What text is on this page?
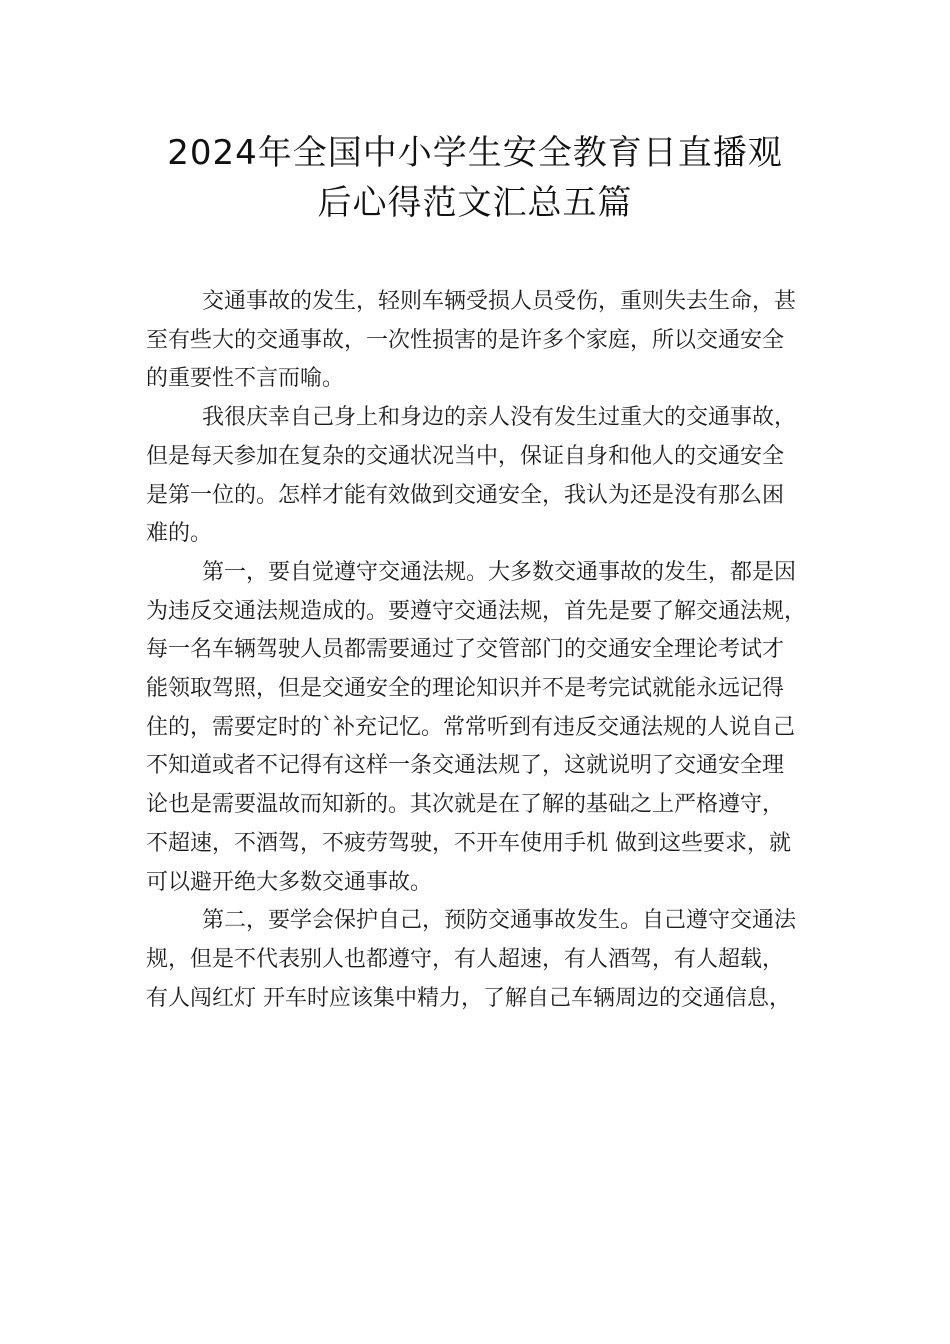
2024年全国中小学生安全教育日直播观
后心得范文汇总五篇

交通事故的发生，轻则车辆受损人员受伤，重则失去生命，甚
至有些大的交通事故，一次性损害的是许多个家庭，所以交通安全
的重要性不言而喻。

我很庆幸自己身上和身边的亲人没有发生过重大的交通事故，
但是每天参加在复杂的交通状况当中，保证自身和他人的交通安全
是第一位的。怎样才能有效做到交通安全，我认为还是没有那么困
难的。

第一，要自觉遵守交通法规。大多数交通事故的发生，都是因
为违反交通法规造成的。要遵守交通法规，首先是要了解交通法规，
每一名车辆驾驶人员都需要通过了交管部门的交通安全理论考试才
能领取驾照，但是交通安全的理论知识并不是考完试就能永远记得
住的，需要定时的`补充记忆。常常听到有违反交通法规的人说自己
不知道或者不记得有这样一条交通法规了，这就说明了交通安全理
论也是需要温故而知新的。其次就是在了解的基础之上严格遵守，
不超速，不酒驾，不疲劳驾驶，不开车使用手机 做到这些要求，就
可以避开绝大多数交通事故。

第二，要学会保护自己，预防交通事故发生。自己遵守交通法
规，但是不代表别人也都遵守，有人超速，有人酒驾，有人超载，
有人闯红灯 开车时应该集中精力，了解自己车辆周边的交通信息，
